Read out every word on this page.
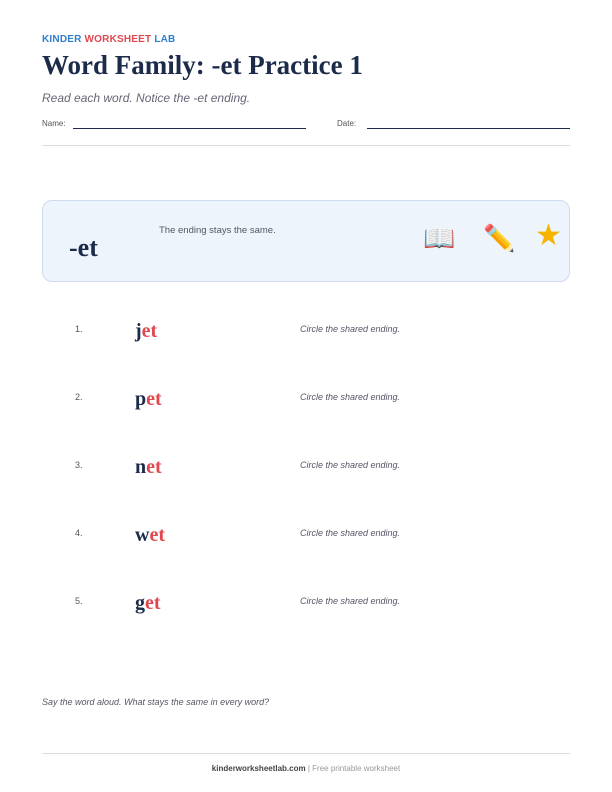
KINDER WORKSHEET LAB
Word Family: -et Practice 1
Read each word. Notice the -et ending.
Name:	Date:
-et
The ending stays the same.	📖 ✏️ ★
1.	jet	Circle the shared ending.
2.	pet	Circle the shared ending.
3.	net	Circle the shared ending.
4.	wet	Circle the shared ending.
5.	get	Circle the shared ending.
Say the word aloud. What stays the same in every word?
kinderworksheetlab.com | Free printable worksheet
